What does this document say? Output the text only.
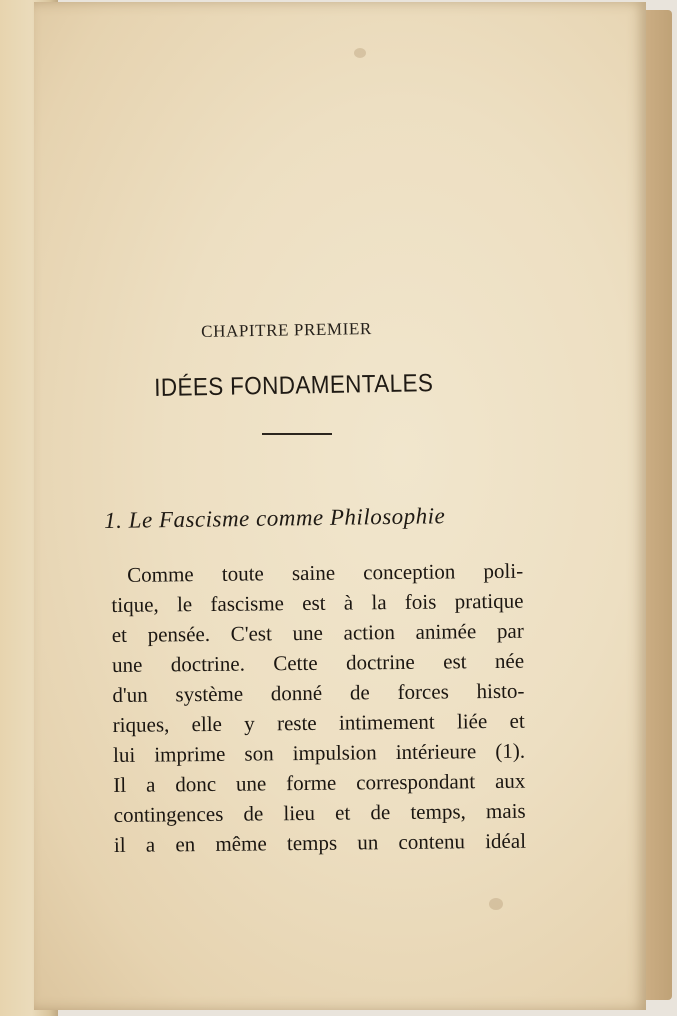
CHAPITRE PREMIER
IDÉES FONDAMENTALES
1. Le Fascisme comme Philosophie
Comme toute saine conception poli-
tique, le fascisme est à la fois pratique
et pensée. C'est une action animée par
une doctrine. Cette doctrine est née
d'un système donné de forces histo-
riques, elle y reste intimement liée et
lui imprime son impulsion intérieure (1).
Il a donc une forme correspondant aux
contingences de lieu et de temps, mais
il a en même temps un contenu idéal
